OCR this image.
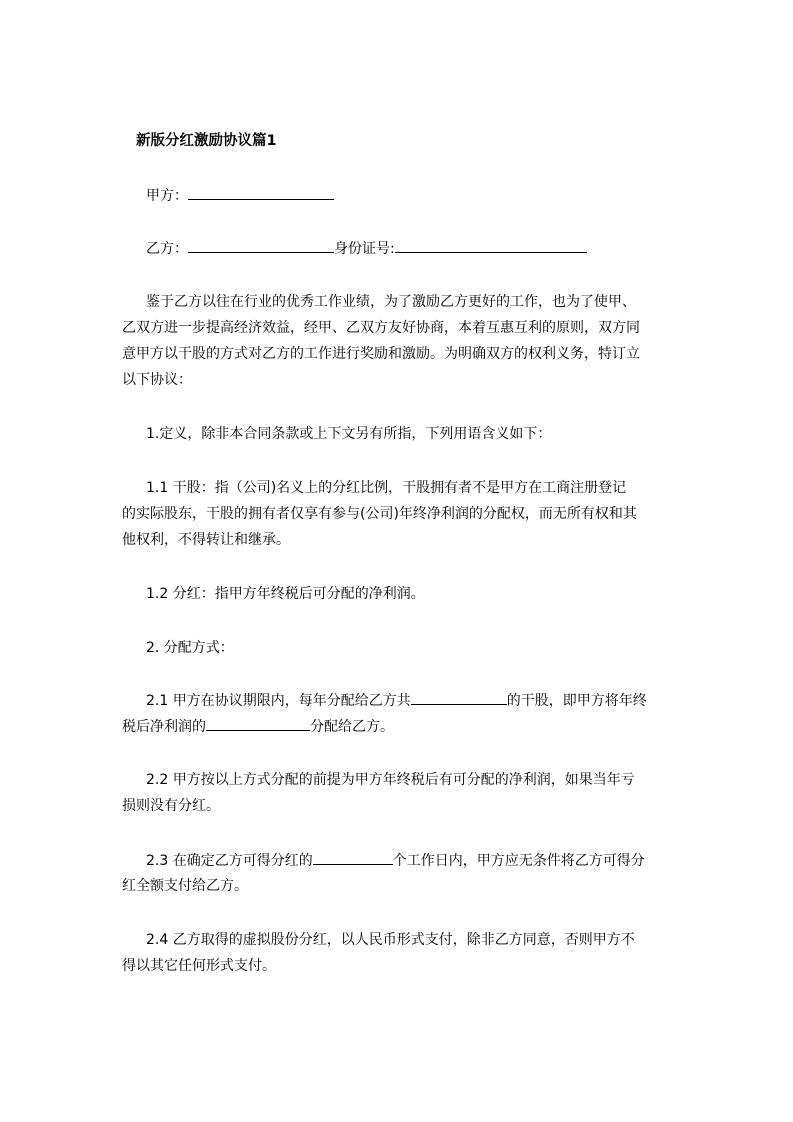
新版分红激励协议篇1
甲方：
乙方：	身份证号:
鉴于乙方以往在行业的优秀工作业绩，为了激励乙方更好的工作，也为了使甲、
乙双方进一步提高经济效益，经甲、乙双方友好协商，本着互惠互利的原则，双方同
意甲方以干股的方式对乙方的工作进行奖励和激励。为明确双方的权利义务，特订立
以下协议：
1.定义，除非本合同条款或上下文另有所指，下列用语含义如下：
1.1 干股：指（公司)名义上的分红比例，干股拥有者不是甲方在工商注册登记
的实际股东，干股的拥有者仅享有参与(公司)年终净利润的分配权，而无所有权和其
他权利，不得转让和继承。
1.2 分红：指甲方年终税后可分配的净利润。
2. 分配方式：
2.1 甲方在协议期限内，每年分配给乙方共	的干股，即甲方将年终
税后净利润的	分配给乙方。
2.2 甲方按以上方式分配的前提为甲方年终税后有可分配的净利润，如果当年亏
损则没有分红。
2.3 在确定乙方可得分红的	个工作日内，甲方应无条件将乙方可得分
红全额支付给乙方。
2.4 乙方取得的虚拟股份分红，以人民币形式支付，除非乙方同意，否则甲方不
得以其它任何形式支付。
